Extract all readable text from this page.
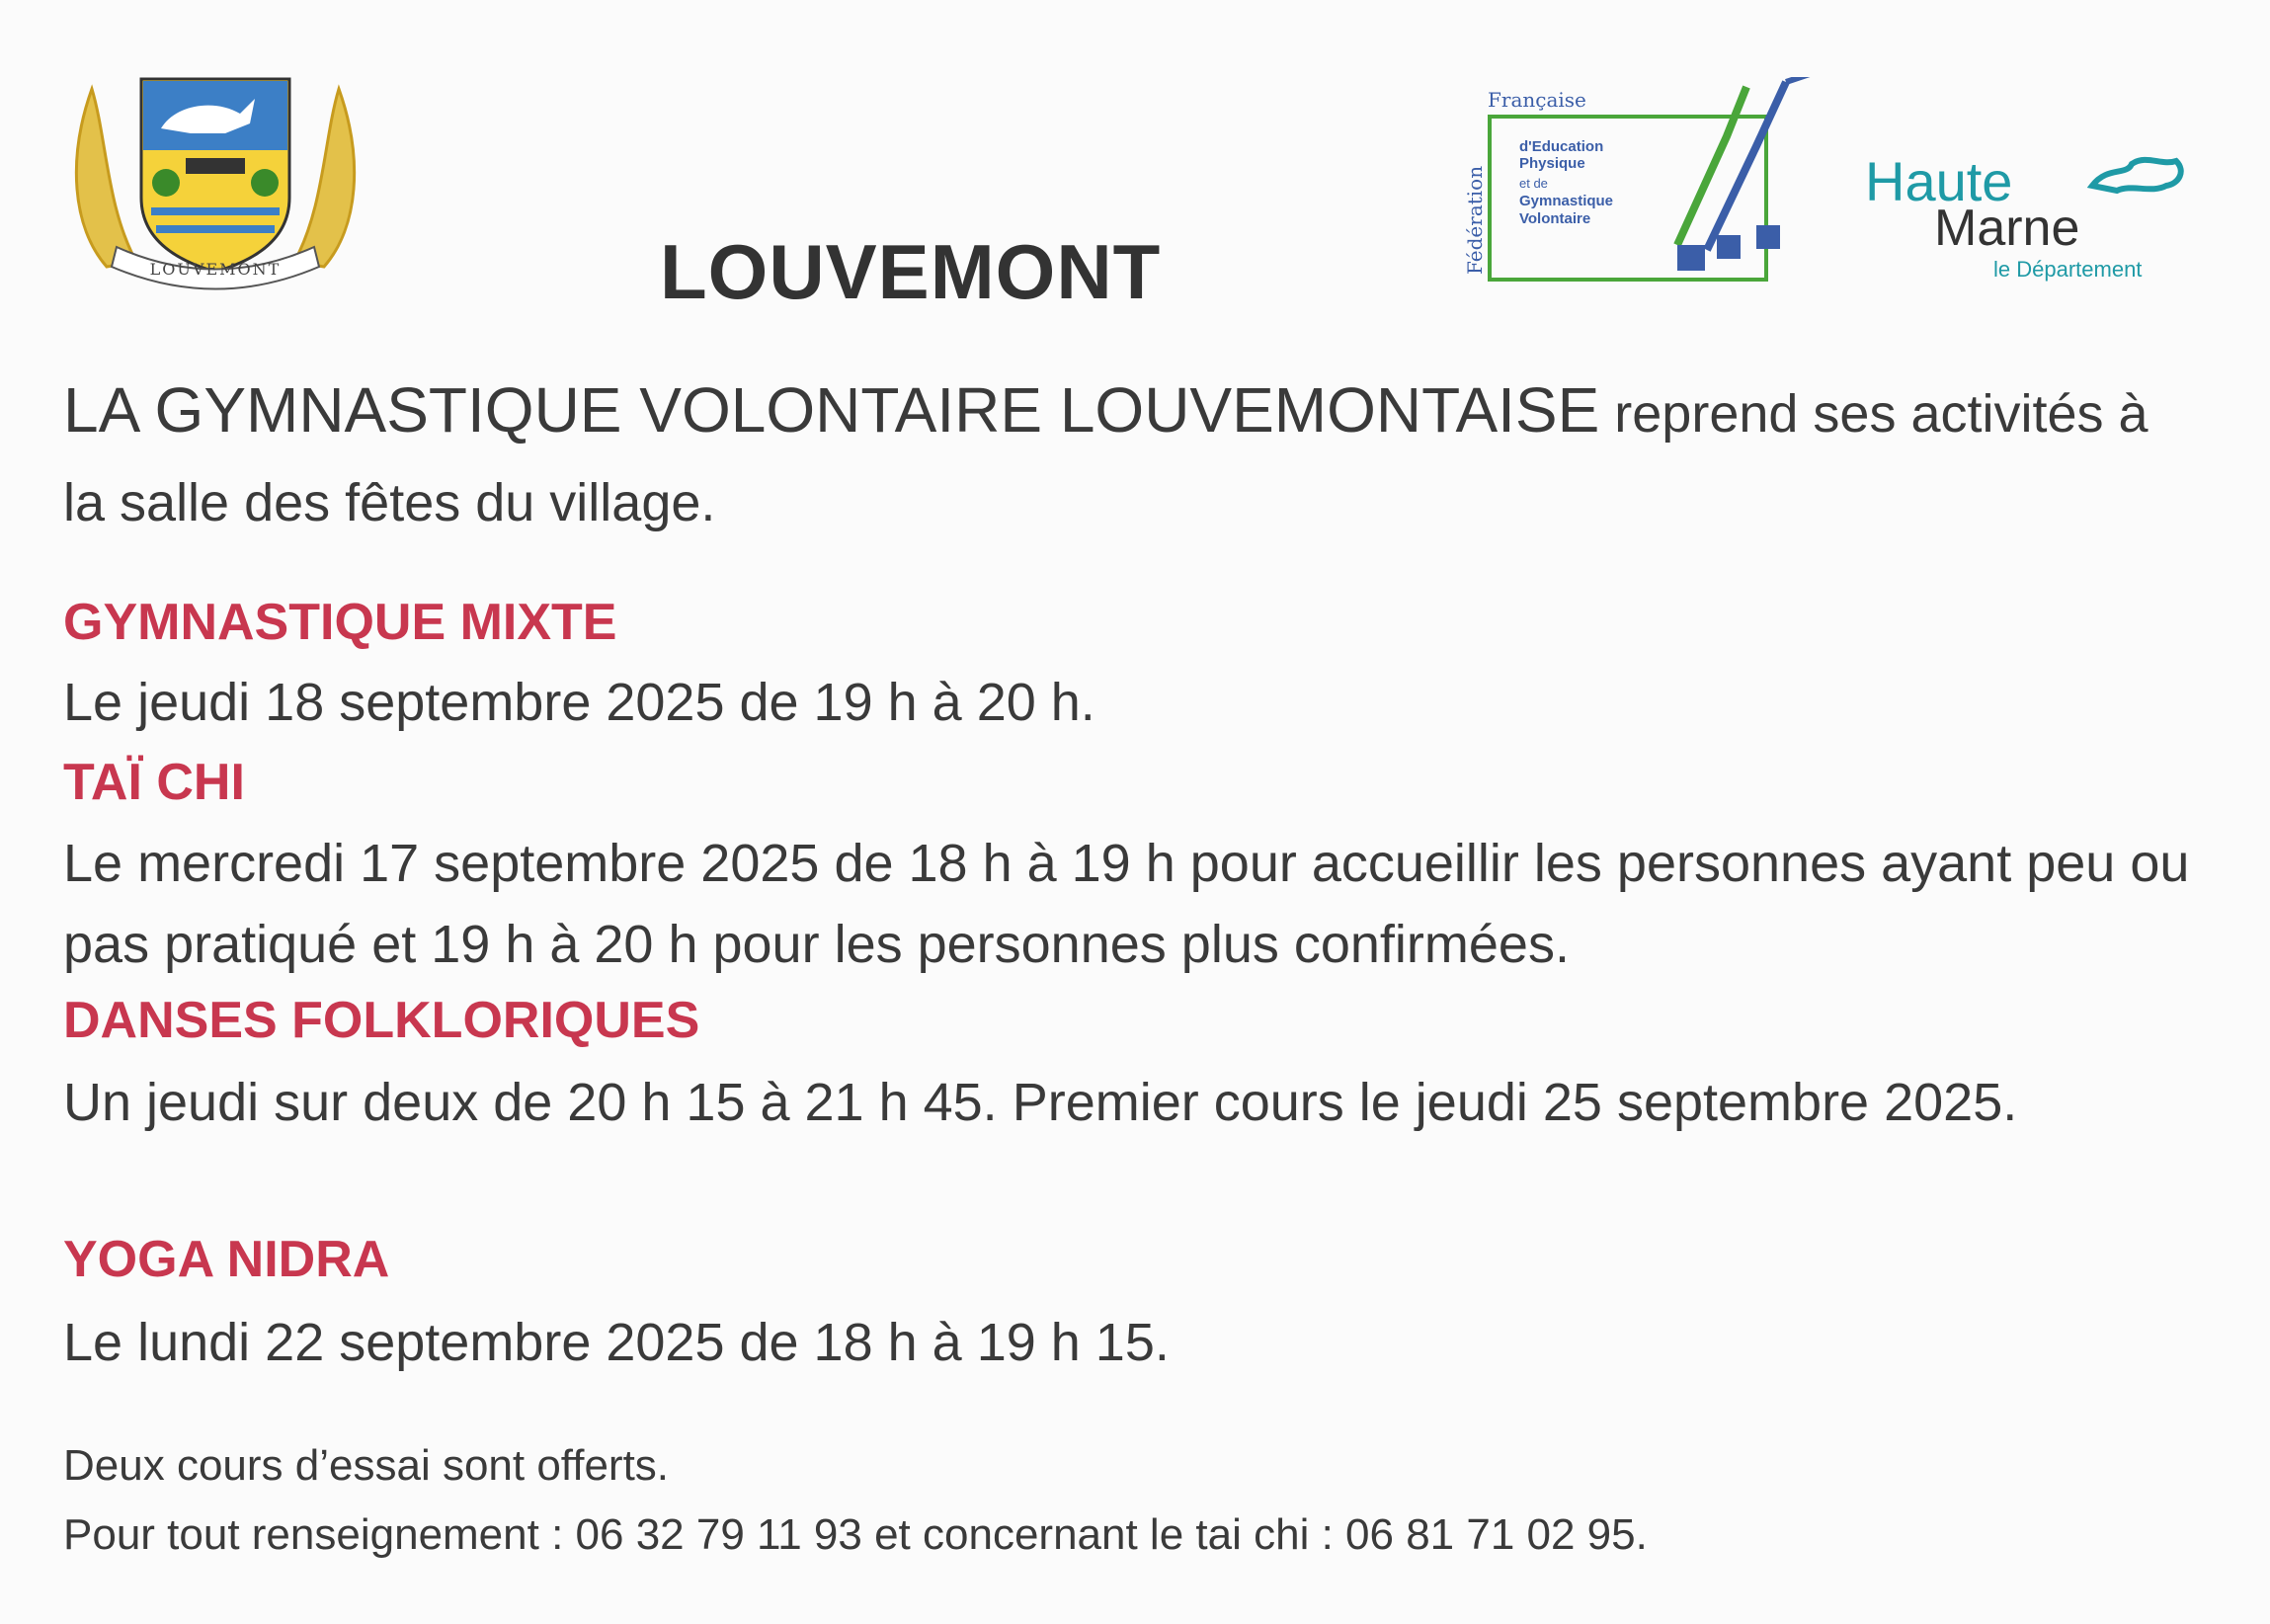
LOUVEMONT	Fédération
Française
d'Education
Physique
et de
Gymnastique
Volontaire
Haute
Marne
le Département
LOUVEMONT
LA GYMNASTIQUE VOLONTAIRE LOUVEMONTAISE reprend ses activités à la salle des fêtes du village.
GYMNASTIQUE MIXTE
Le jeudi 18 septembre 2025 de 19 h à 20 h.
TAÏ CHI
Le mercredi 17 septembre 2025 de 18 h à 19 h pour accueillir les personnes ayant peu ou pas pratiqué et 19 h à 20 h pour les personnes plus confirmées.
DANSES FOLKLORIQUES
Un jeudi sur deux de 20 h 15 à 21 h 45. Premier cours le jeudi 25 septembre 2025.
YOGA NIDRA
Le lundi 22 septembre 2025 de 18 h à 19 h 15.
Deux cours d’essai sont offerts.
Pour tout renseignement : 06 32 79 11 93 et concernant le tai chi : 06 81 71 02 95.
